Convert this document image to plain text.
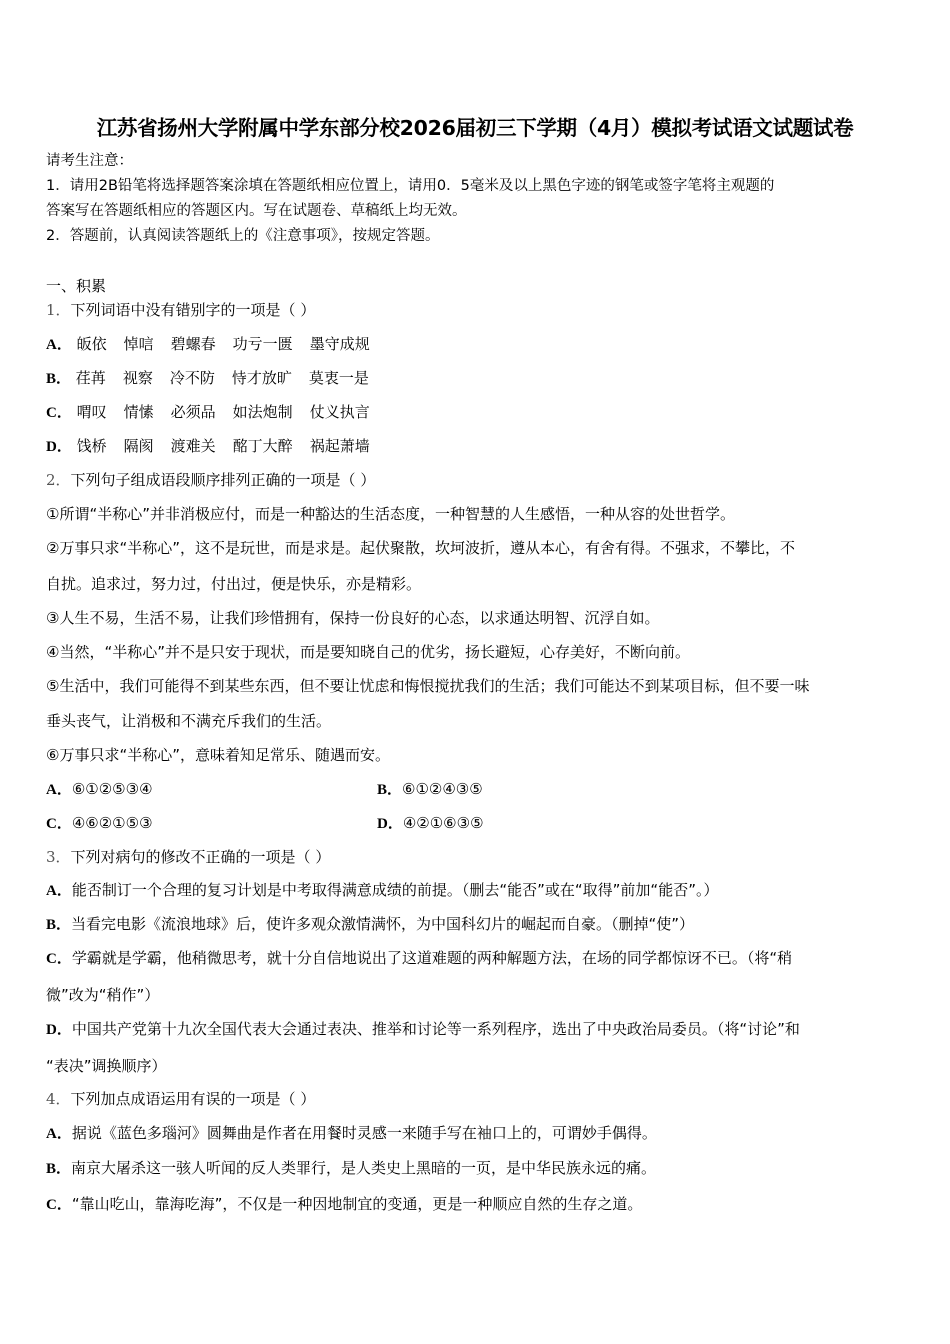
江苏省扬州大学附属中学东部分校2026届初三下学期（4月）模拟考试语文试题试卷
请考生注意：
1．请用2B铅笔将选择题答案涂填在答题纸相应位置上，请用0．5毫米及以上黑色字迹的钢笔或签字笔将主观题的
答案写在答题纸相应的答题区内。写在试题卷、草稿纸上均无效。
2．答题前，认真阅读答题纸上的《注意事项》，按规定答题。
一、积累
1．下列词语中没有错别字的一项是（ ）
A． 皈依 悼唁 碧螺春 功亏一匮 墨守成规
B． 荏苒 视察 冷不防 恃才放旷 莫衷一是
C． 喟叹 情愫 必须品 如法炮制 仗义执言
D． 饯桥 隔阂 渡难关 酩丁大醉 祸起萧墙
2．下列句子组成语段顺序排列正确的一项是（ ）
①所谓“半称心”并非消极应付，而是一种豁达的生活态度，一种智慧的人生感悟，一种从容的处世哲学。
②万事只求“半称心”，这不是玩世，而是求是。起伏聚散，坎坷波折，遵从本心，有舍有得。不强求，不攀比，不
自扰。追求过，努力过，付出过，便是快乐，亦是精彩。
③人生不易，生活不易，让我们珍惜拥有，保持一份良好的心态，以求通达明智、沉浮自如。
④当然，“半称心”并不是只安于现状，而是要知晓自己的优劣，扬长避短，心存美好，不断向前。
⑤生活中，我们可能得不到某些东西，但不要让忧虑和悔恨搅扰我们的生活；我们可能达不到某项目标，但不要一味
垂头丧气，让消极和不满充斥我们的生活。
⑥万事只求“半称心”，意味着知足常乐、随遇而安。
A．⑥①②⑤③④	B．⑥①②④③⑤
C．④⑥②①⑤③	D．④②①⑥③⑤
3．下列对病句的修改不正确的一项是（ ）
A．能否制订一个合理的复习计划是中考取得满意成绩的前提。（删去“能否”或在“取得”前加“能否”。）
B．当看完电影《流浪地球》后，使许多观众激情满怀，为中国科幻片的崛起而自豪。（删掉“使”）
C．学霸就是学霸，他稍微思考，就十分自信地说出了这道难题的两种解题方法，在场的同学都惊讶不已。（将“稍
微”改为“稍作”）
D．中国共产党第十九次全国代表大会通过表决、推举和讨论等一系列程序，选出了中央政治局委员。（将“讨论”和
“表决”调换顺序）
4．下列加点成语运用有误的一项是（ ）
A．据说《蓝色多瑙河》圆舞曲是作者在用餐时灵感一来随手写在袖口上的，可谓妙手偶得。
B．南京大屠杀这一骇人听闻的反人类罪行，是人类史上黑暗的一页，是中华民族永远的痛。
C．“靠山吃山，靠海吃海”，不仅是一种因地制宜的变通，更是一种顺应自然的生存之道。
